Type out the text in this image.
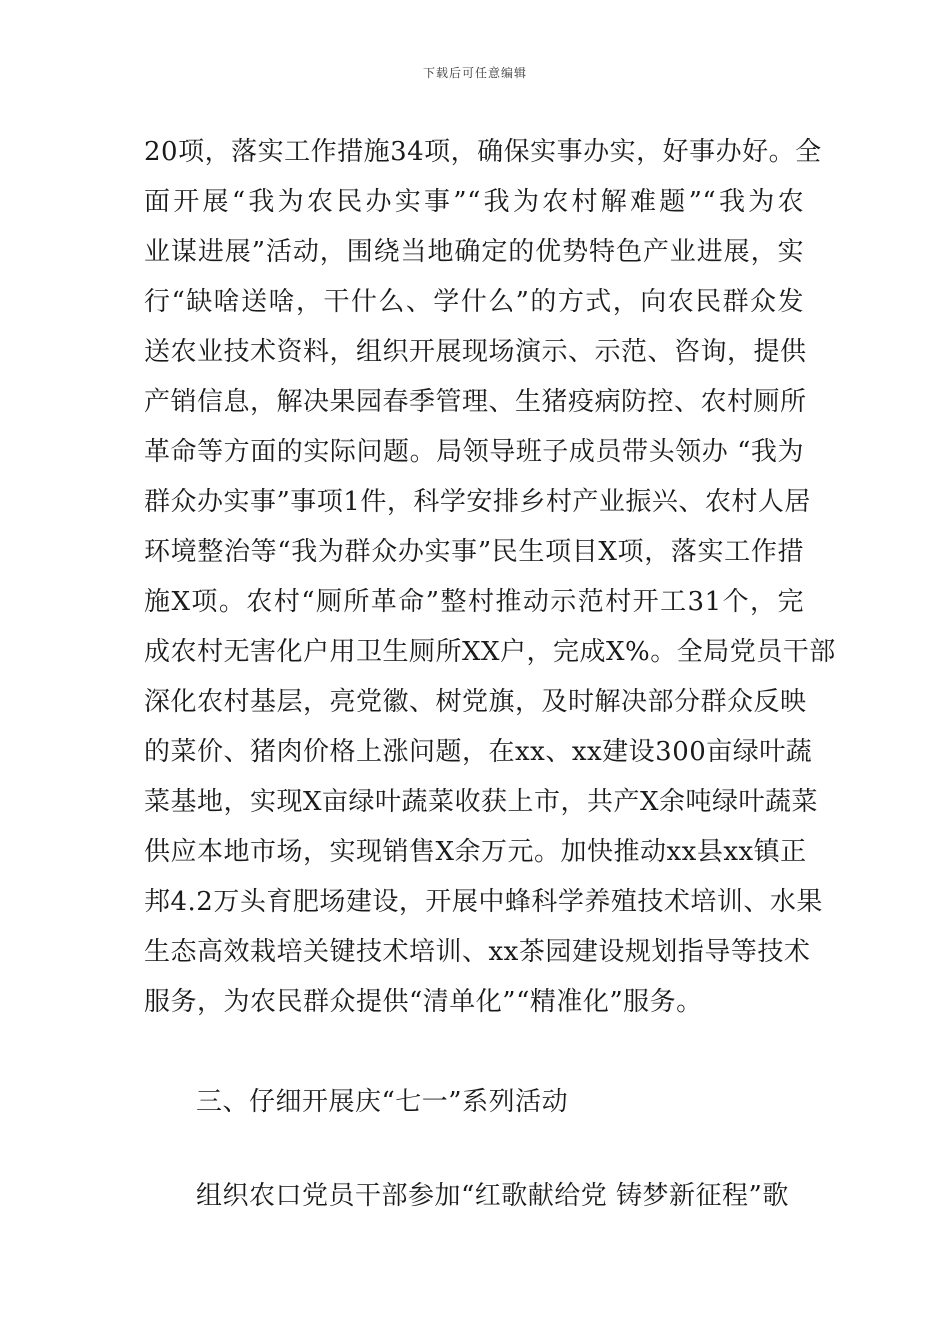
下载后可任意编辑
20项，落实工作措施34项，确保实事办实，好事办好。全
面开展“我为农民办实事”“我为农村解难题”“我为农
业谋进展”活动，围绕当地确定的优势特色产业进展，实
行“缺啥送啥，干什么、学什么”的方式，向农民群众发
送农业技术资料，组织开展现场演示、示范、咨询，提供
产销信息，解决果园春季管理、生猪疫病防控、农村厕所
革命等方面的实际问题。局领导班子成员带头领办 “我为
群众办实事”事项1件，科学安排乡村产业振兴、农村人居
环境整治等“我为群众办实事”民生项目X项，落实工作措
施X项。农村“厕所革命”整村推动示范村开工31个，完
成农村无害化户用卫生厕所XX户，完成X%。全局党员干部
深化农村基层，亮党徽、树党旗，及时解决部分群众反映
的菜价、猪肉价格上涨问题，在xx、xx建设300亩绿叶蔬
菜基地，实现X亩绿叶蔬菜收获上市，共产X余吨绿叶蔬菜
供应本地市场，实现销售X余万元。加快推动xx县xx镇正
邦4.2万头育肥场建设，开展中蜂科学养殖技术培训、水果
生态高效栽培关键技术培训、xx茶园建设规划指导等技术
服务，为农民群众提供“清单化”“精准化”服务。
三、仔细开展庆“七一”系列活动
组织农口党员干部参加“红歌献给党 铸梦新征程”歌
